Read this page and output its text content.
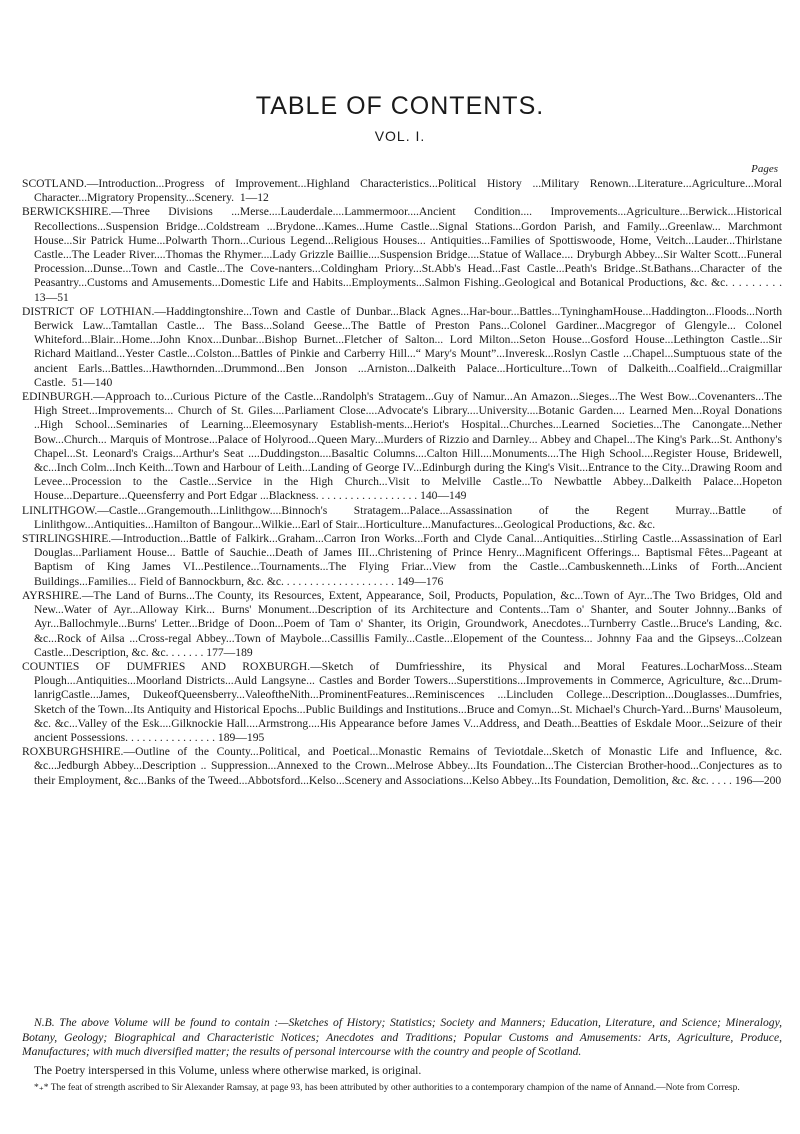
TABLE OF CONTENTS.
VOL. I.
Pages

SCOTLAND.—Introduction...Progress of Improvement...Highland Characteristics...Political History ...Military Renown...Literature...Agriculture...Moral Character...Migratory Propensity...Scenery. 1—12

BERWICKSHIRE.—Three Divisions ...Merse....Lauderdale....Lammermoor....Ancient Condition.... Improvements...Agriculture...Berwick...Historical Recollections...Suspension Bridge...Coldstream ...Brydone...Kames...Hume Castle...Signal Stations...Gordon Parish, and Family...Greenlaw... Marchmont House...Sir Patrick Hume...Polwarth Thorn...Curious Legend...Religious Houses... Antiquities...Families of Spottiswoode, Home, Veitch...Lauder...Thirlstane Castle...The Leader River....Thomas the Rhymer....Lady Grizzle Baillie....Suspension Bridge....Statue of Wallace.... Dryburgh Abbey...Sir Walter Scott...Funeral Procession...Dunse...Town and Castle...The Cove-nanters...Coldingham Priory...St.Abb's Head...Fast Castle...Peath's Bridge..St.Bathans...Character of the Peasantry...Customs and Amusements...Domestic Life and Habits...Employments...Salmon Fishing..Geological and Botanical Productions, &c. &c. . . . . . . . . 13—51

DISTRICT OF LOTHIAN.—Haddingtonshire...Town and Castle of Dunbar...Black Agnes...Har-bour...Battles...TyninghamHouse...Haddington...Floods...North Berwick Law...Tamtallan Castle... The Bass...Soland Geese...The Battle of Preston Pans...Colonel Gardiner...Macgregor of Glengyle... Colonel Whiteford...Blair...Home...John Knox...Dunbar...Bishop Burnet...Fletcher of Salton... Lord Milton...Seton House...Gosford House...Lethington Castle...Sir Richard Maitland...Yester Castle...Colston...Battles of Pinkie and Carberry Hill...“ Mary's Mount”...Inveresk...Roslyn Castle ...Chapel...Sumptuous state of the ancient Earls...Battles...Hawthornden...Drummond...Ben Jonson ...Arniston...Dalkeith Palace...Horticulture...Town of Dalkeith...Coalfield...Craigmillar Castle. 51—140

EDINBURGH.—Approach to...Curious Picture of the Castle...Randolph's Stratagem...Guy of Namur...An Amazon...Sieges...The West Bow...Covenanters...The High Street...Improvements... Church of St. Giles....Parliament Close....Advocate's Library....University....Botanic Garden.... Learned Men...Royal Donations ..High School...Seminaries of Learning...Eleemosynary Establish-ments...Heriot's Hospital...Churches...Learned Societies...The Canongate...Nether Bow...Church... Marquis of Montrose...Palace of Holyrood...Queen Mary...Murders of Rizzio and Darnley... Abbey and Chapel...The King's Park...St. Anthony's Chapel...St. Leonard's Craigs...Arthur's Seat ....Duddingston....Basaltic Columns....Calton Hill....Monuments....The High School....Register House, Bridewell, &c...Inch Colm...Inch Keith...Town and Harbour of Leith...Landing of George IV...Edinburgh during the King's Visit...Entrance to the City...Drawing Room and Levee...Procession to the Castle...Service in the High Church...Visit to Melville Castle...To Newbattle Abbey...Dalkeith Palace...Hopeton House...Departure...Queensferry and Port Edgar ...Blackness. . . . . . . . . . . . . . . . . . 140—149

LINLITHGOW.—Castle...Grangemouth...Linlithgow....Binnoch's Stratagem...Palace...Assassination of the Regent Murray...Battle of Linlithgow...Antiquities...Hamilton of Bangour...Wilkie...Earl of Stair...Horticulture...Manufactures...Geological Productions, &c. &c.

STIRLINGSHIRE.—Introduction...Battle of Falkirk...Graham...Carron Iron Works...Forth and Clyde Canal...Antiquities...Stirling Castle...Assassination of Earl Douglas...Parliament House... Battle of Sauchie...Death of James III...Christening of Prince Henry...Magnificent Offerings... Baptismal Fêtes...Pageant at Baptism of King James VI...Pestilence...Tournaments...The Flying Friar...View from the Castle...Cambuskenneth...Links of Forth...Ancient Buildings...Families... Field of Bannockburn, &c. &c. . . . . . . . . . . . . . . . . . . . 149—176

AYRSHIRE.—The Land of Burns...The County, its Resources, Extent, Appearance, Soil, Products, Population, &c...Town of Ayr...The Two Bridges, Old and New...Water of Ayr...Alloway Kirk... Burns' Monument...Description of its Architecture and Contents...Tam o' Shanter, and Souter Johnny...Banks of Ayr...Ballochmyle...Burns' Letter...Bridge of Doon...Poem of Tam o' Shanter, its Origin, Groundwork, Anecdotes...Turnberry Castle...Bruce's Landing, &c. &c...Rock of Ailsa ...Cross-regal Abbey...Town of Maybole...Cassillis Family...Castle...Elopement of the Countess... Johnny Faa and the Gipseys...Colzean Castle...Description, &c. &c. . . . . . . 177—189

COUNTIES OF DUMFRIES AND ROXBURGH.—Sketch of Dumfriesshire, its Physical and Moral Features..LocharMoss...Steam Plough...Antiquities...Moorland Districts...Auld Langsyne... Castles and Border Towers...Superstitions...Improvements in Commerce, Agriculture, &c...Drum-lanrigCastle...James, DukeofQueensberry...ValeoftheNith...ProminentFeatures...Reminiscences ...Lincluden College...Description...Douglasses...Dumfries, Sketch of the Town...Its Antiquity and Historical Epochs...Public Buildings and Institutions...Bruce and Comyn...St. Michael's Church-Yard...Burns' Mausoleum, &c. &c...Valley of the Esk....Gilknockie Hall....Armstrong....His Appearance before James V...Address, and Death...Beatties of Eskdale Moor...Seizure of their ancient Possessions. . . . . . . . . . . . . . . . 189—195

ROXBURGHSHIRE.—Outline of the County...Political, and Poetical...Monastic Remains of Teviotdale...Sketch of Monastic Life and Influence, &c. &c...Jedburgh Abbey...Description .. Suppression...Annexed to the Crown...Melrose Abbey...Its Foundation...The Cistercian Brother-hood...Conjectures as to their Employment, &c...Banks of the Tweed...Abbotsford...Kelso...Scenery and Associations...Kelso Abbey...Its Foundation, Demolition, &c. &c. . . . . 196—200

N.B. The above Volume will be found to contain :—Sketches of History; Statistics; Society and Manners; Education, Literature, and Science; Mineralogy, Botany, Geology; Biographical and Characteristic Notices; Anecdotes and Traditions; Popular Customs and Amusements: Arts, Agriculture, Produce, Manufactures; with much diversified matter; the results of personal intercourse with the country and people of Scotland.

The Poetry interspersed in this Volume, unless where otherwise marked, is original.

*₊* The feat of strength ascribed to Sir Alexander Ramsay, at page 93, has been attributed by other authorities to a contemporary champion of the name of Annand.—Note from Corresp.
